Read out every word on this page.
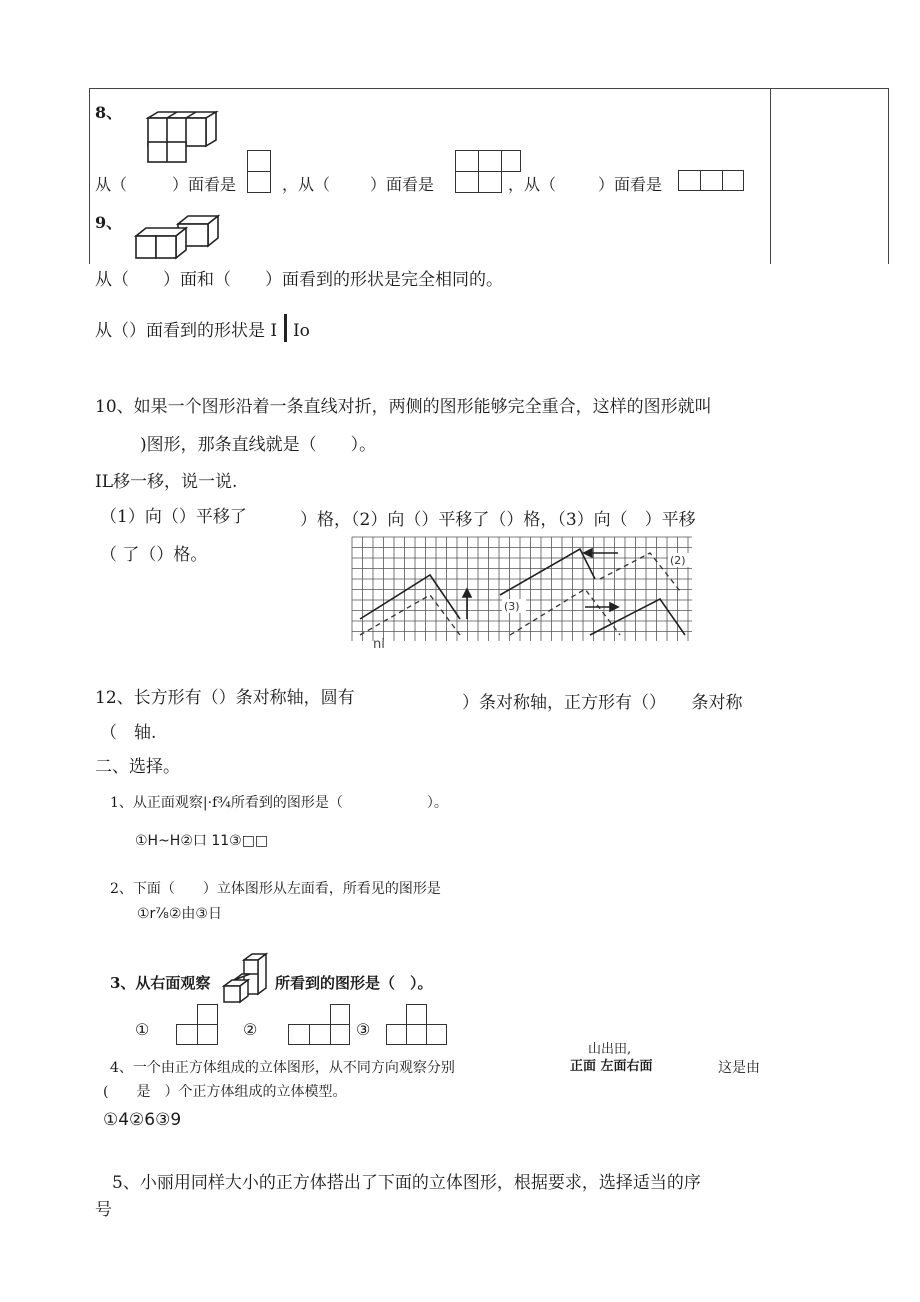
8、
从（	）面看是	，从（ ）面看是	，从（	）面看是
9、
从（　　）面和（　　）面看到的形状是完全相同的。
从（）面看到的形状是 I Io
10、如果一个图形沿着一条直线对折，两侧的图形能够完全重合，这样的图形就叫
)图形，那条直线就是（　　）。
IL移一移，说一说.
（1）向（）平移了	）格，（2）向（）平移了（）格，（3）向（　）平移
（ 了（）格。	(2)
(3)
ni
12、长方形有（）条对称轴，圆有	）条对称轴，正方形有（）　　条对称
（　轴.
二、选择。
1、从正面观察|·f¾所看到的图形是（　　　　　　）。
①H~H②口 11③□□
2、下面（　　）立体图形从左面看，所看见的图形是
①r⅞②由③日
3、从右面观察	所看到的图形是（　）。
①	②	③
4、一个由正方体组成的立体图形，从不同方向观察分别
山出田,
正面 左面右面	这是由
(　　是　）个正方体组成的立体模型。
①4②6③9
5、小丽用同样大小的正方体搭出了下面的立体图形，根据要求，选择适当的序
号
